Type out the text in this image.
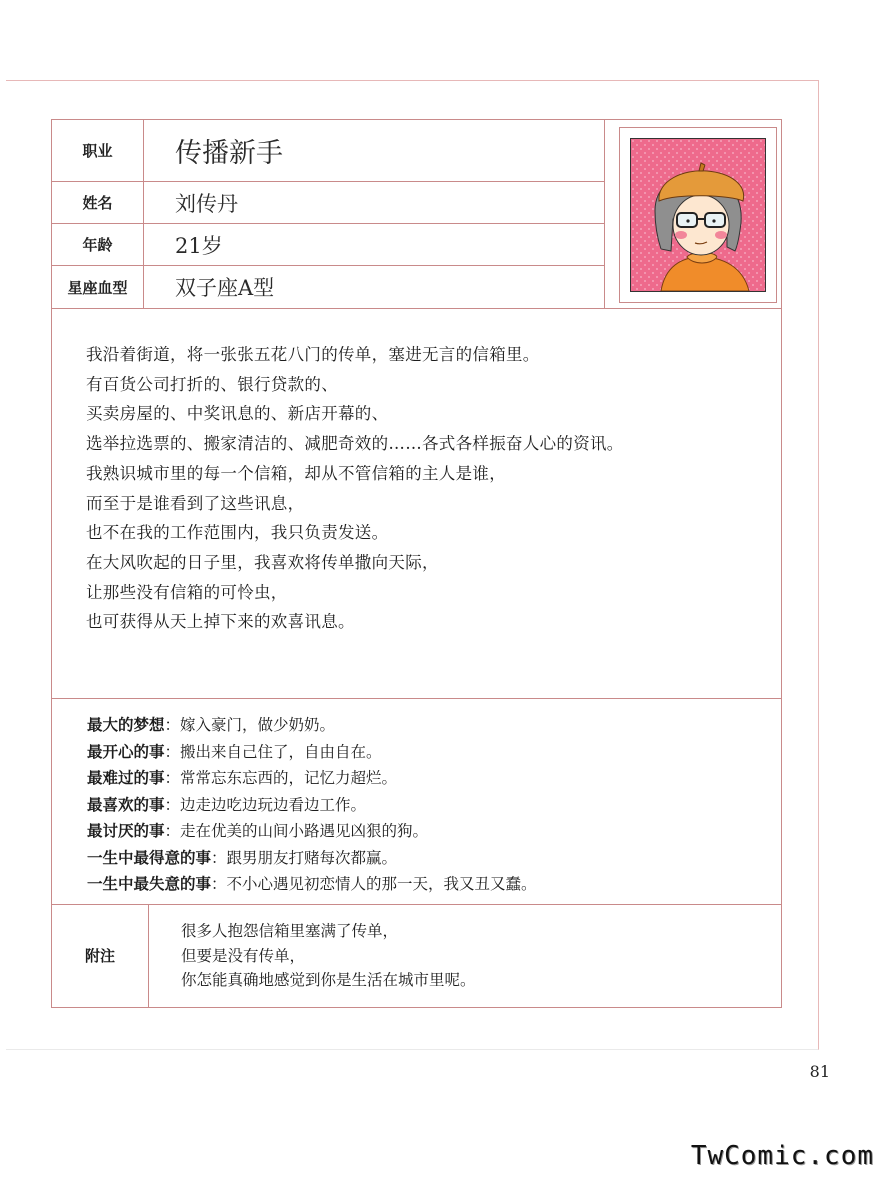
职业	传播新手
姓名	刘传丹
年龄	21岁
星座血型	双子座A型
我沿着街道，将一张张五花八门的传单，塞进无言的信箱里。
有百货公司打折的、银行贷款的、
买卖房屋的、中奖讯息的、新店开幕的、
选举拉选票的、搬家清洁的、减肥奇效的……各式各样振奋人心的资讯。
我熟识城市里的每一个信箱，却从不管信箱的主人是谁，
而至于是谁看到了这些讯息，
也不在我的工作范围内，我只负责发送。
在大风吹起的日子里，我喜欢将传单撒向天际，
让那些没有信箱的可怜虫，
也可获得从天上掉下来的欢喜讯息。
最大的梦想：嫁入豪门，做少奶奶。
最开心的事：搬出来自己住了，自由自在。
最难过的事：常常忘东忘西的，记忆力超烂。
最喜欢的事：边走边吃边玩边看边工作。
最讨厌的事：走在优美的山间小路遇见凶狠的狗。
一生中最得意的事：跟男朋友打赌每次都赢。
一生中最失意的事：不小心遇见初恋情人的那一天，我又丑又蠢。
附注
很多人抱怨信箱里塞满了传单，
但要是没有传单，
你怎能真确地感觉到你是生活在城市里呢。
81
TwComic.com
